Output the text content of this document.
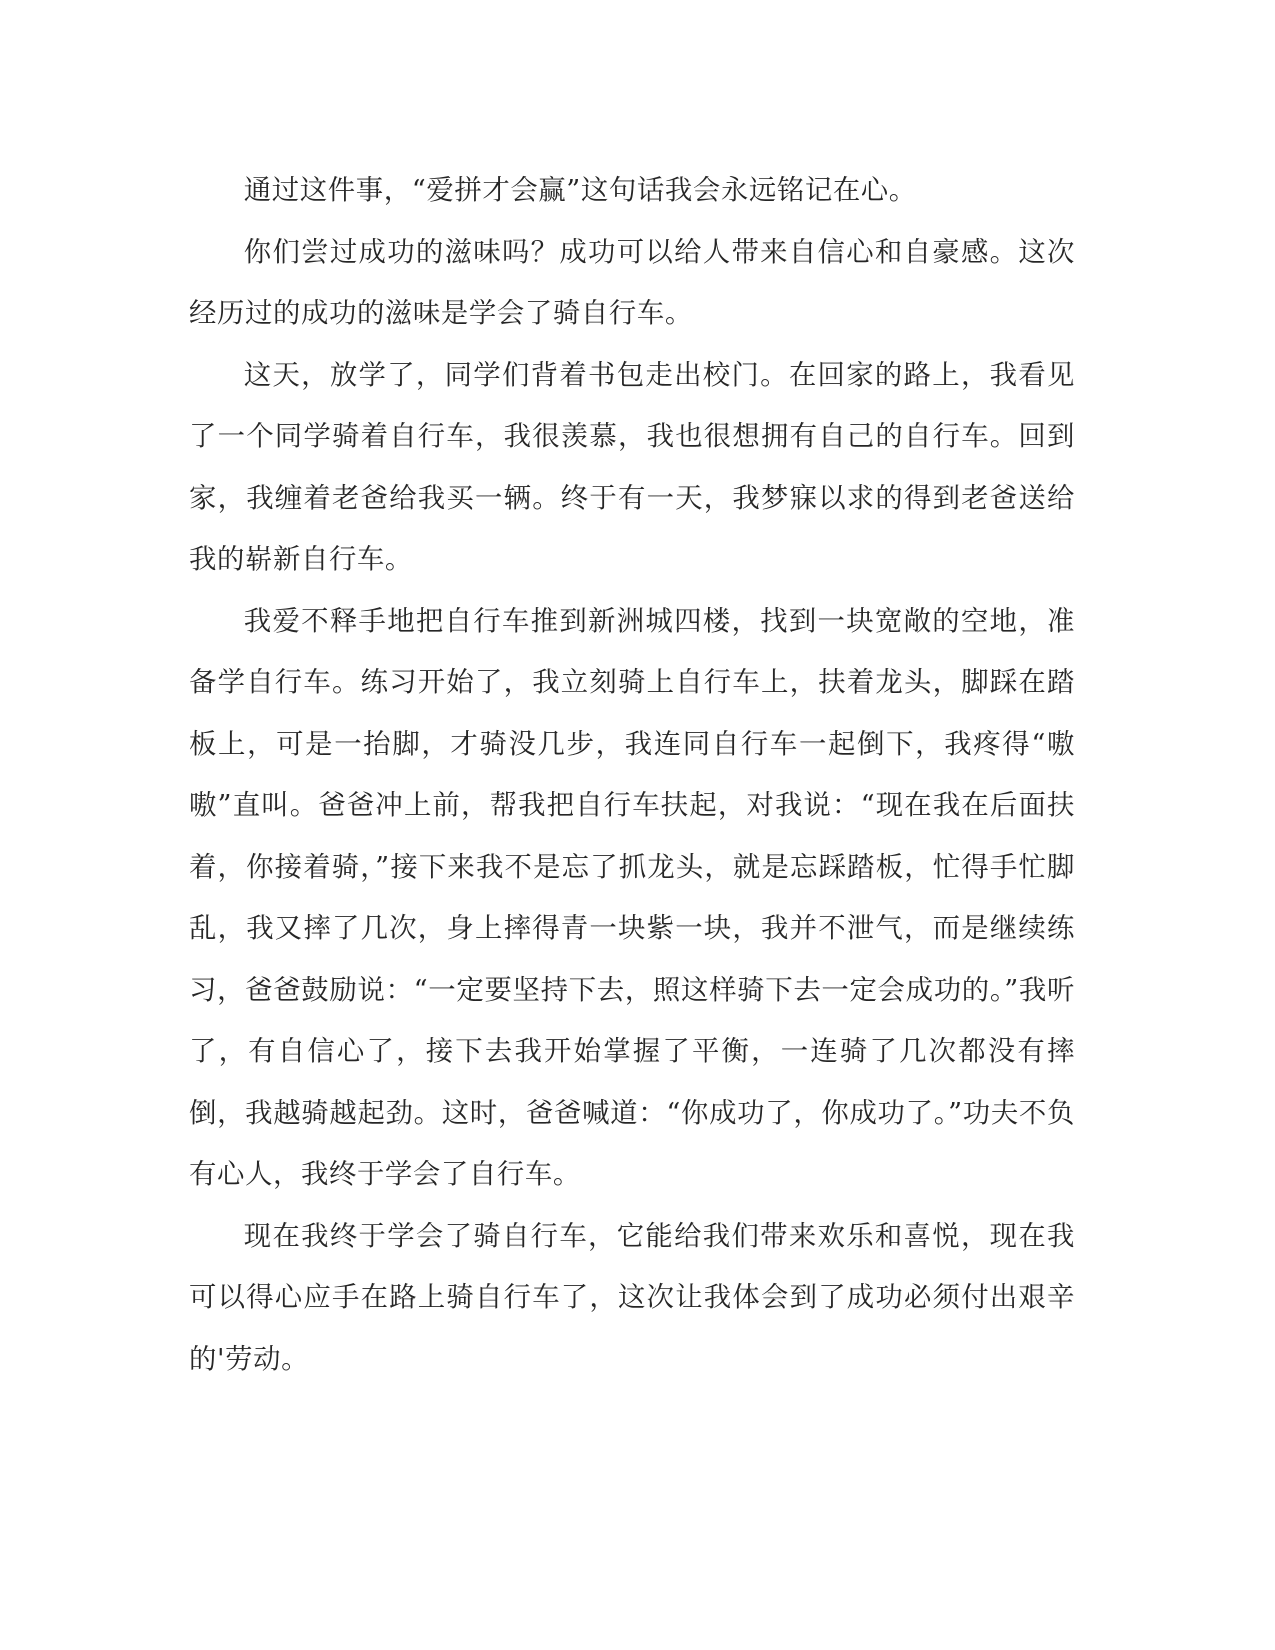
通过这件事，“爱拼才会赢”这句话我会永远铭记在心。

你们尝过成功的滋味吗？成功可以给人带来自信心和自豪感。这次经历过的成功的滋味是学会了骑自行车。

这天，放学了，同学们背着书包走出校门。在回家的路上，我看见了一个同学骑着自行车，我很羡慕，我也很想拥有自己的自行车。回到家，我缠着老爸给我买一辆。终于有一天，我梦寐以求的得到老爸送给我的崭新自行车。

我爱不释手地把自行车推到新洲城四楼，找到一块宽敞的空地，准备学自行车。练习开始了，我立刻骑上自行车上，扶着龙头，脚踩在踏板上，可是一抬脚，才骑没几步，我连同自行车一起倒下，我疼得“嗷嗷”直叫。爸爸冲上前，帮我把自行车扶起，对我说：“现在我在后面扶着，你接着骑，”接下来我不是忘了抓龙头，就是忘踩踏板，忙得手忙脚乱，我又摔了几次，身上摔得青一块紫一块，我并不泄气，而是继续练习，爸爸鼓励说：“一定要坚持下去，照这样骑下去一定会成功的。”我听了，有自信心了，接下去我开始掌握了平衡，一连骑了几次都没有摔倒，我越骑越起劲。这时，爸爸喊道：“你成功了，你成功了。”功夫不负有心人，我终于学会了自行车。

现在我终于学会了骑自行车，它能给我们带来欢乐和喜悦，现在我可以得心应手在路上骑自行车了，这次让我体会到了成功必须付出艰辛的'劳动。
